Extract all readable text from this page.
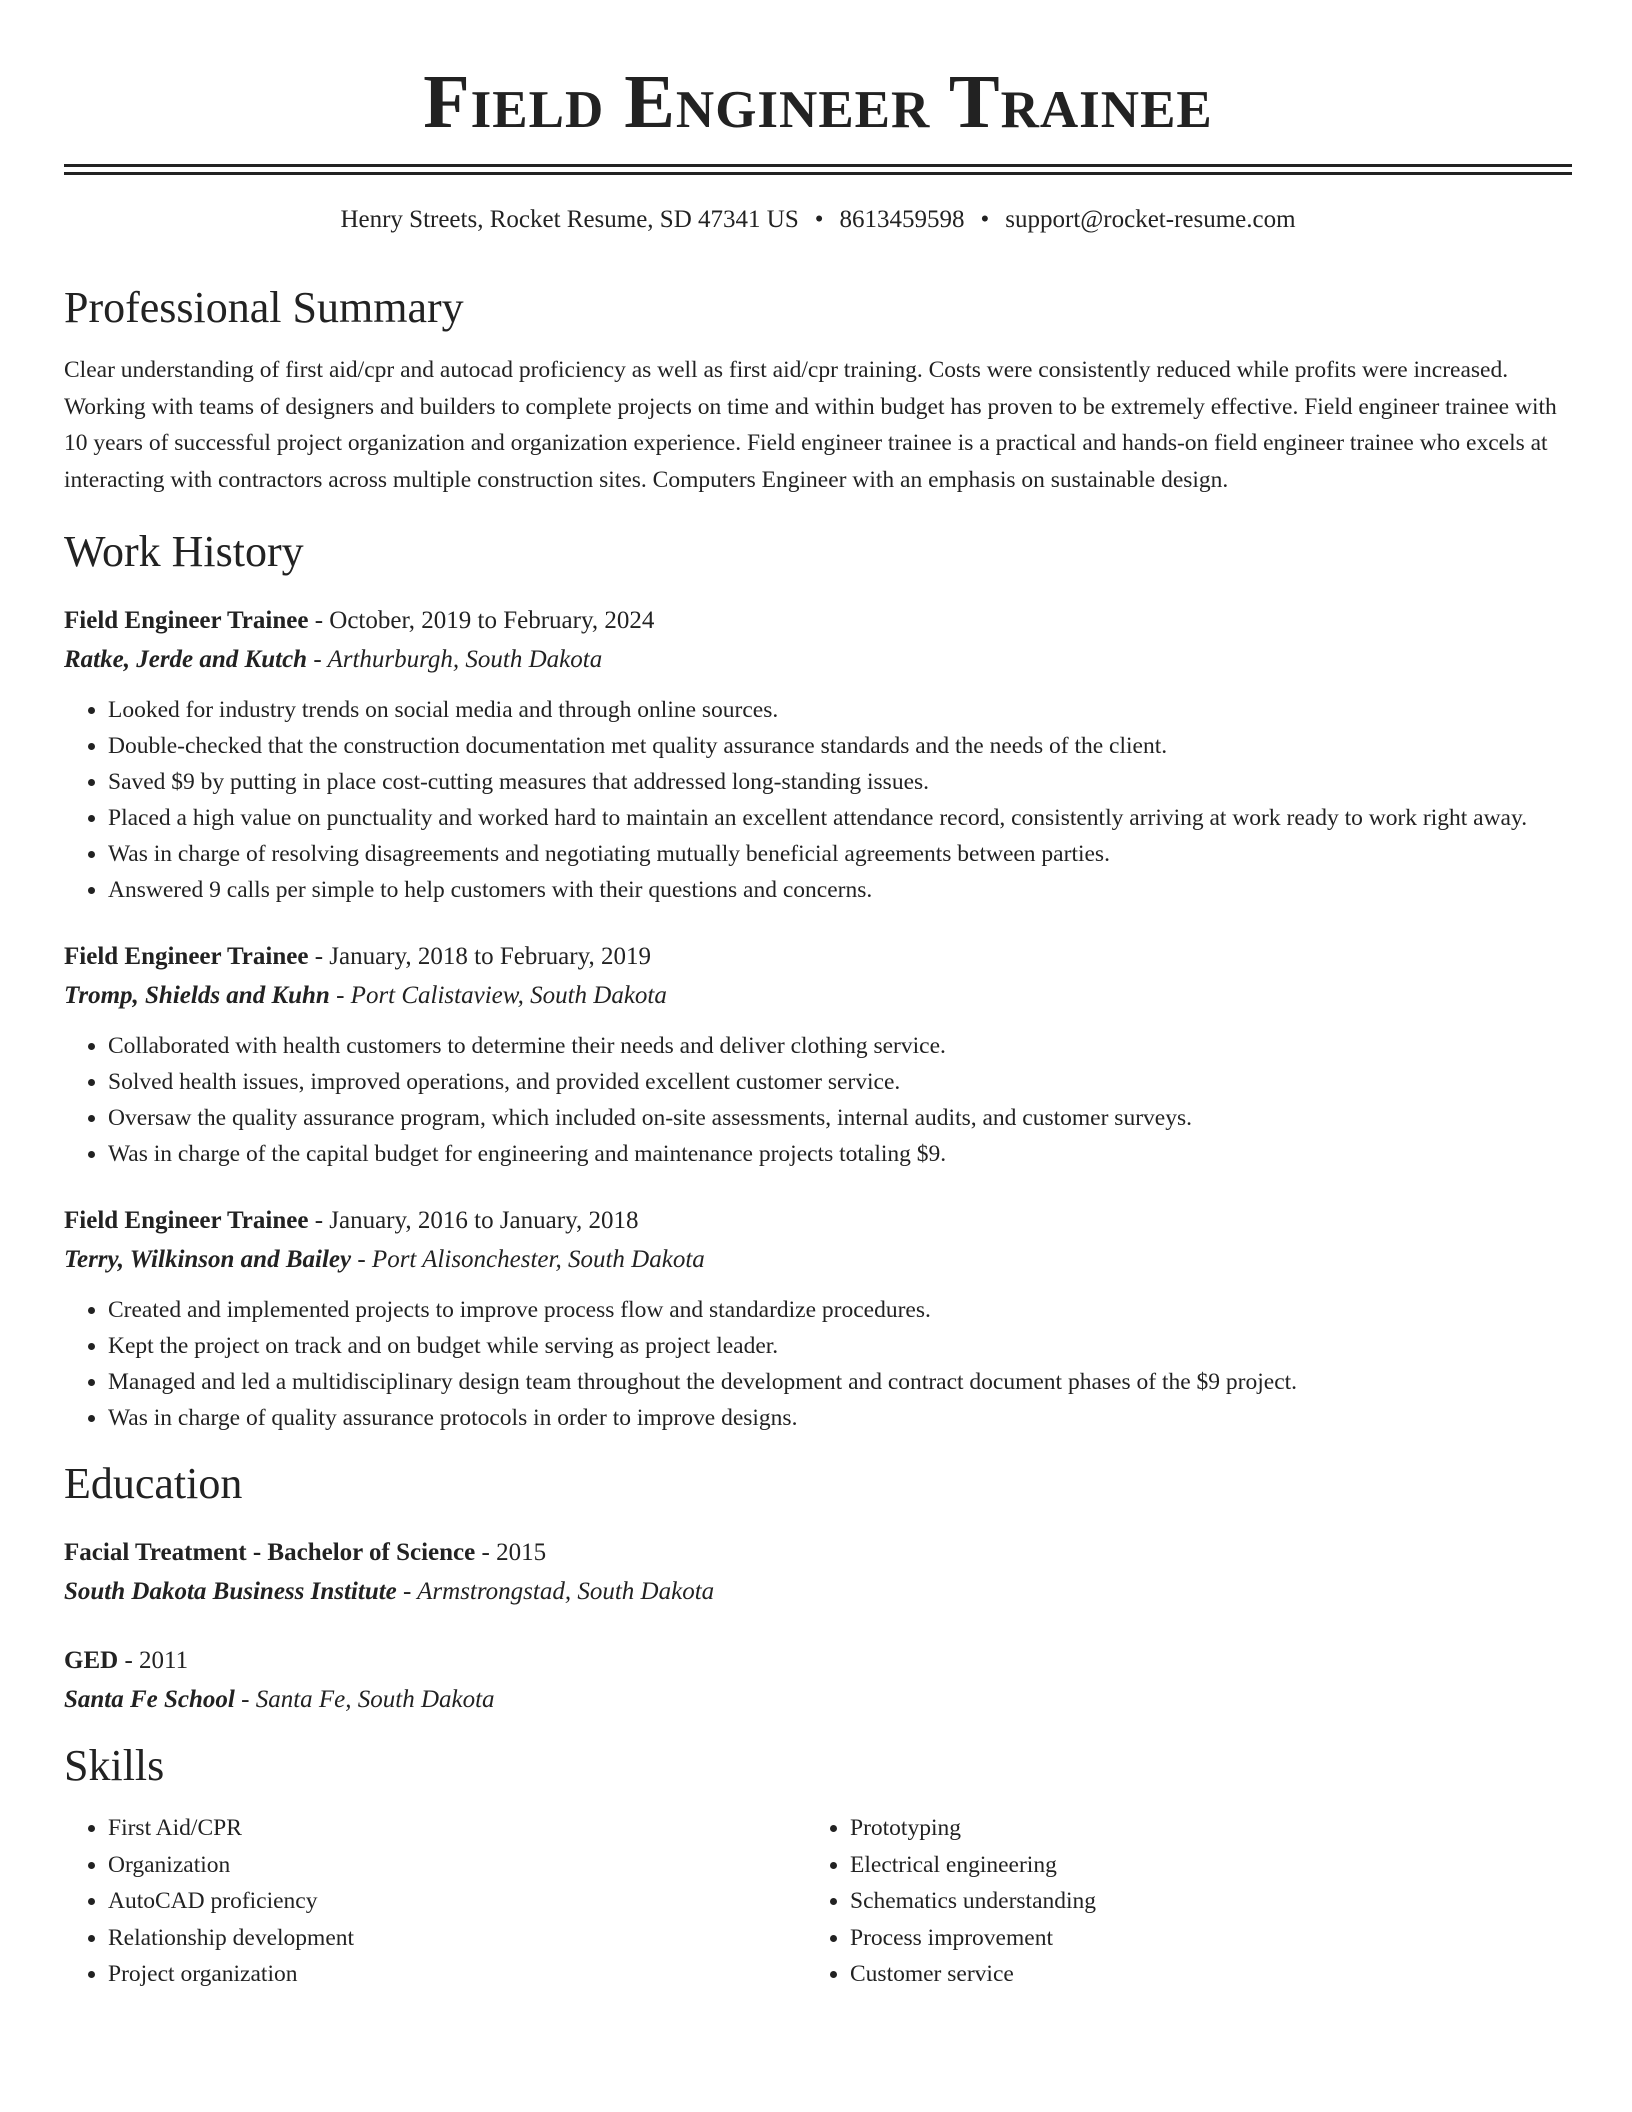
Field Engineer Trainee
Henry Streets, Rocket Resume, SD 47341 US • 8613459598 • support@rocket-resume.com
Professional Summary
Clear understanding of first aid/cpr and autocad proficiency as well as first aid/cpr training. Costs were consistently reduced while profits were increased. Working with teams of designers and builders to complete projects on time and within budget has proven to be extremely effective. Field engineer trainee with 10 years of successful project organization and organization experience. Field engineer trainee is a practical and hands-on field engineer trainee who excels at interacting with contractors across multiple construction sites. Computers Engineer with an emphasis on sustainable design.
Work History
Field Engineer Trainee - October, 2019 to February, 2024
Ratke, Jerde and Kutch - Arthurburgh, South Dakota
• Looked for industry trends on social media and through online sources.
• Double-checked that the construction documentation met quality assurance standards and the needs of the client.
• Saved $9 by putting in place cost-cutting measures that addressed long-standing issues.
• Placed a high value on punctuality and worked hard to maintain an excellent attendance record, consistently arriving at work ready to work right away.
• Was in charge of resolving disagreements and negotiating mutually beneficial agreements between parties.
• Answered 9 calls per simple to help customers with their questions and concerns.
Field Engineer Trainee - January, 2018 to February, 2019
Tromp, Shields and Kuhn - Port Calistaview, South Dakota
• Collaborated with health customers to determine their needs and deliver clothing service.
• Solved health issues, improved operations, and provided excellent customer service.
• Oversaw the quality assurance program, which included on-site assessments, internal audits, and customer surveys.
• Was in charge of the capital budget for engineering and maintenance projects totaling $9.
Field Engineer Trainee - January, 2016 to January, 2018
Terry, Wilkinson and Bailey - Port Alisonchester, South Dakota
• Created and implemented projects to improve process flow and standardize procedures.
• Kept the project on track and on budget while serving as project leader.
• Managed and led a multidisciplinary design team throughout the development and contract document phases of the $9 project.
• Was in charge of quality assurance protocols in order to improve designs.
Education
Facial Treatment - Bachelor of Science - 2015
South Dakota Business Institute - Armstrongstad, South Dakota
GED - 2011
Santa Fe School - Santa Fe, South Dakota
Skills
• First Aid/CPR
• Organization
• AutoCAD proficiency
• Relationship development
• Project organization
• Prototyping
• Electrical engineering
• Schematics understanding
• Process improvement
• Customer service
